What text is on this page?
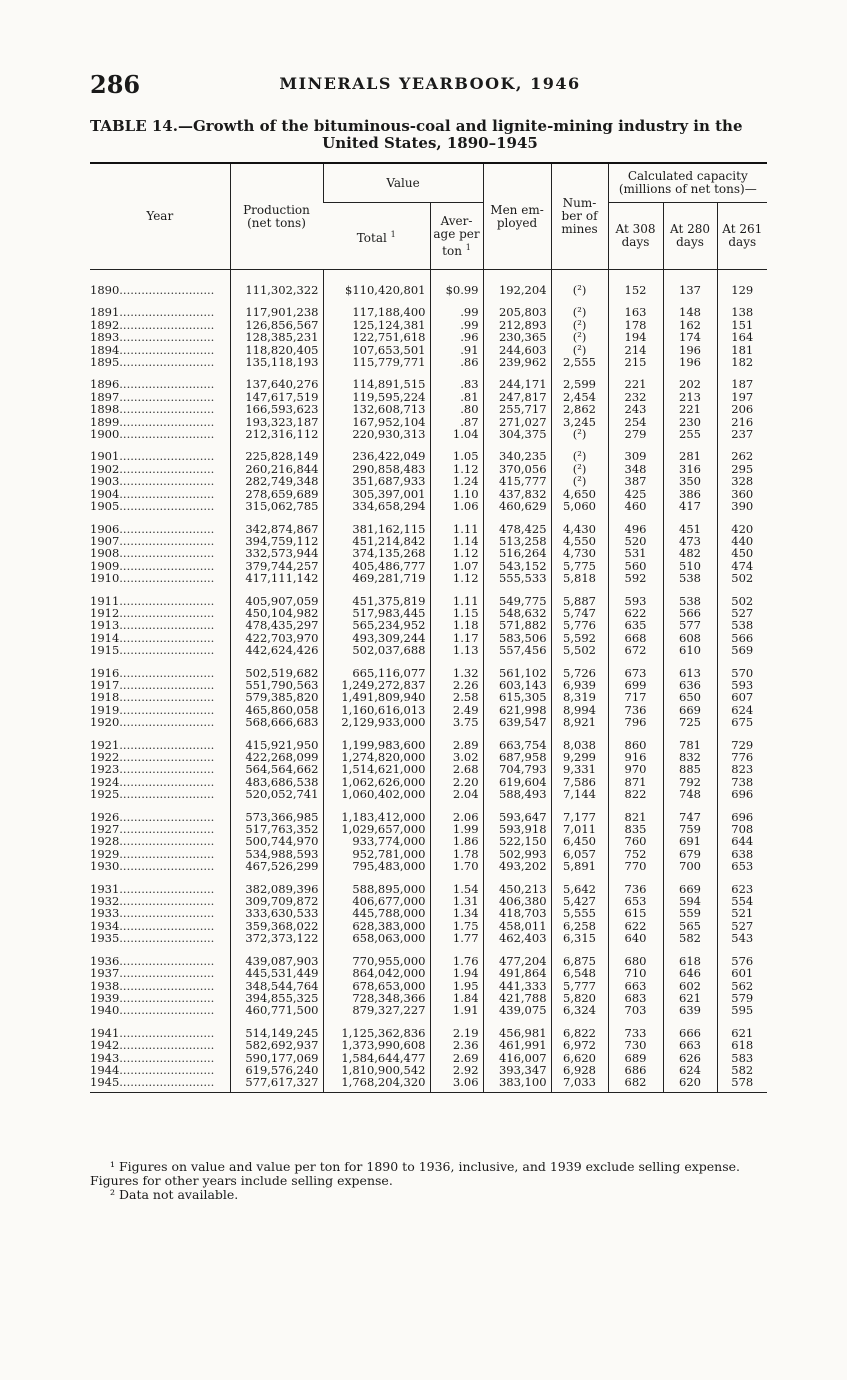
286	MINERALS YEARBOOK, 1946
TABLE 14.—Growth of the bituminous-coal and lignite-mining industry in the
United States, 1890–1945
Year	Production (net tons)	Value		Men em-ployed	Num-ber of mines	Calculated capacity (millions of net tons)—		
		Total $^1$	Aver-age per ton $^1$			At 308 days	At 280 days	At 261 days

1890..........................	111,302,322	$110,420,801	$0.99	192,204	(²)	152	137	129

1891..........................	117,901,238	117,188,400	.99	205,803	(²)	163	148	138
1892..........................	126,856,567	125,124,381	.99	212,893	(²)	178	162	151
1893..........................	128,385,231	122,751,618	.96	230,365	(²)	194	174	164
1894..........................	118,820,405	107,653,501	.91	244,603	(²)	214	196	181
1895..........................	135,118,193	115,779,771	.86	239,962	2,555	215	196	182

1896..........................	137,640,276	114,891,515	.83	244,171	2,599	221	202	187
1897..........................	147,617,519	119,595,224	.81	247,817	2,454	232	213	197
1898..........................	166,593,623	132,608,713	.80	255,717	2,862	243	221	206
1899..........................	193,323,187	167,952,104	.87	271,027	3,245	254	230	216
1900..........................	212,316,112	220,930,313	1.04	304,375	(²)	279	255	237

1901..........................	225,828,149	236,422,049	1.05	340,235	(²)	309	281	262
1902..........................	260,216,844	290,858,483	1.12	370,056	(²)	348	316	295
1903..........................	282,749,348	351,687,933	1.24	415,777	(²)	387	350	328
1904..........................	278,659,689	305,397,001	1.10	437,832	4,650	425	386	360
1905..........................	315,062,785	334,658,294	1.06	460,629	5,060	460	417	390

1906..........................	342,874,867	381,162,115	1.11	478,425	4,430	496	451	420
1907..........................	394,759,112	451,214,842	1.14	513,258	4,550	520	473	440
1908..........................	332,573,944	374,135,268	1.12	516,264	4,730	531	482	450
1909..........................	379,744,257	405,486,777	1.07	543,152	5,775	560	510	474
1910..........................	417,111,142	469,281,719	1.12	555,533	5,818	592	538	502

1911..........................	405,907,059	451,375,819	1.11	549,775	5,887	593	538	502
1912..........................	450,104,982	517,983,445	1.15	548,632	5,747	622	566	527
1913..........................	478,435,297	565,234,952	1.18	571,882	5,776	635	577	538
1914..........................	422,703,970	493,309,244	1.17	583,506	5,592	668	608	566
1915..........................	442,624,426	502,037,688	1.13	557,456	5,502	672	610	569

1916..........................	502,519,682	665,116,077	1.32	561,102	5,726	673	613	570
1917..........................	551,790,563	1,249,272,837	2.26	603,143	6,939	699	636	593
1918..........................	579,385,820	1,491,809,940	2.58	615,305	8,319	717	650	607
1919..........................	465,860,058	1,160,616,013	2.49	621,998	8,994	736	669	624
1920..........................	568,666,683	2,129,933,000	3.75	639,547	8,921	796	725	675

1921..........................	415,921,950	1,199,983,600	2.89	663,754	8,038	860	781	729
1922..........................	422,268,099	1,274,820,000	3.02	687,958	9,299	916	832	776
1923..........................	564,564,662	1,514,621,000	2.68	704,793	9,331	970	885	823
1924..........................	483,686,538	1,062,626,000	2.20	619,604	7,586	871	792	738
1925..........................	520,052,741	1,060,402,000	2.04	588,493	7,144	822	748	696

1926..........................	573,366,985	1,183,412,000	2.06	593,647	7,177	821	747	696
1927..........................	517,763,352	1,029,657,000	1.99	593,918	7,011	835	759	708
1928..........................	500,744,970	933,774,000	1.86	522,150	6,450	760	691	644
1929..........................	534,988,593	952,781,000	1.78	502,993	6,057	752	679	638
1930..........................	467,526,299	795,483,000	1.70	493,202	5,891	770	700	653

1931..........................	382,089,396	588,895,000	1.54	450,213	5,642	736	669	623
1932..........................	309,709,872	406,677,000	1.31	406,380	5,427	653	594	554
1933..........................	333,630,533	445,788,000	1.34	418,703	5,555	615	559	521
1934..........................	359,368,022	628,383,000	1.75	458,011	6,258	622	565	527
1935..........................	372,373,122	658,063,000	1.77	462,403	6,315	640	582	543

1936..........................	439,087,903	770,955,000	1.76	477,204	6,875	680	618	576
1937..........................	445,531,449	864,042,000	1.94	491,864	6,548	710	646	601
1938..........................	348,544,764	678,653,000	1.95	441,333	5,777	663	602	562
1939..........................	394,855,325	728,348,366	1.84	421,788	5,820	683	621	579
1940..........................	460,771,500	879,327,227	1.91	439,075	6,324	703	639	595

1941..........................	514,149,245	1,125,362,836	2.19	456,981	6,822	733	666	621
1942..........................	582,692,937	1,373,990,608	2.36	461,991	6,972	730	663	618
1943..........................	590,177,069	1,584,644,477	2.69	416,007	6,620	689	626	583
1944..........................	619,576,240	1,810,900,542	2.92	393,347	6,928	686	624	582
1945..........................	577,617,327	1,768,204,320	3.06	383,100	7,033	682	620	578

¹ Figures on value and value per ton for 1890 to 1936, inclusive, and 1939 exclude selling expense. Figures for other years include selling expense.

² Data not available.
